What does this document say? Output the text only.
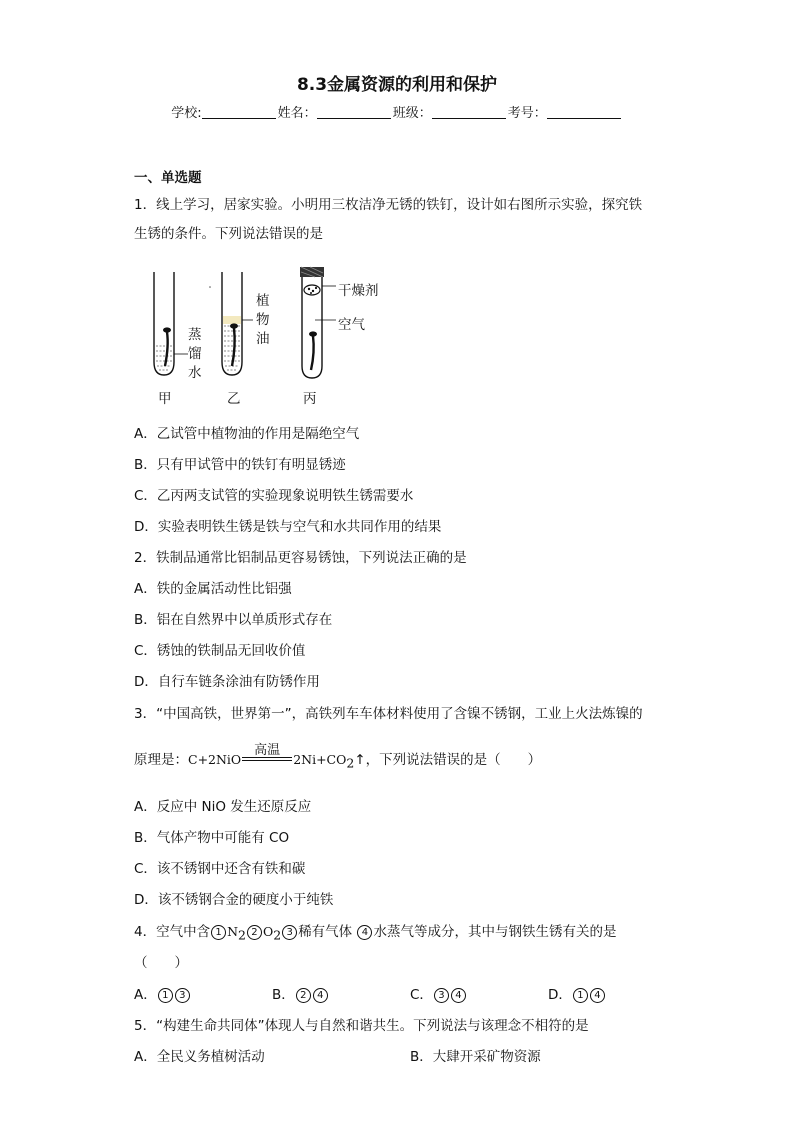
8.3金属资源的利用和保护
学校:	姓名：	班级：	考号：
一、单选题
1．线上学习，居家实验。小明用三枚洁净无锈的铁钉，设计如右图所示实验，探究铁
生锈的条件。下列说法错误的是
蒸
馏
水
植
物
油
干燥剂
空气
甲	乙	丙
A．乙试管中植物油的作用是隔绝空气
B．只有甲试管中的铁钉有明显锈迹
C．乙丙两支试管的实验现象说明铁生锈需要水
D．实验表明铁生锈是铁与空气和水共同作用的结果
2．铁制品通常比铝制品更容易锈蚀，下列说法正确的是
A．铁的金属活动性比铝强
B．铝在自然界中以单质形式存在
C．锈蚀的铁制品无回收价值
D．自行车链条涂油有防锈作用
3．“中国高铁，世界第一”，高铁列车车体材料使用了含镍不锈钢，工业上火法炼镍的
原理是：C+2NiO
高温
$2Ni+CO_2↑$，下列说法错误的是（　　）
A．反应中 NiO 发生还原反应
B．气体产物中可能有 CO
C．该不锈钢中还含有铁和碳
D．该不锈钢合金的硬度小于纯铁
4．空气中含 1 $N_2$ 2 $O_2$ 3 稀有气体 4 水蒸气等成分，其中与钢铁生锈有关的是
（　　）
A． 1 3	B． 2 4	C． 3 4	D． 1 4
5．“构建生命共同体”体现人与自然和谐共生。下列说法与该理念不相符的是
A．全民义务植树活动	B．大肆开采矿物资源
